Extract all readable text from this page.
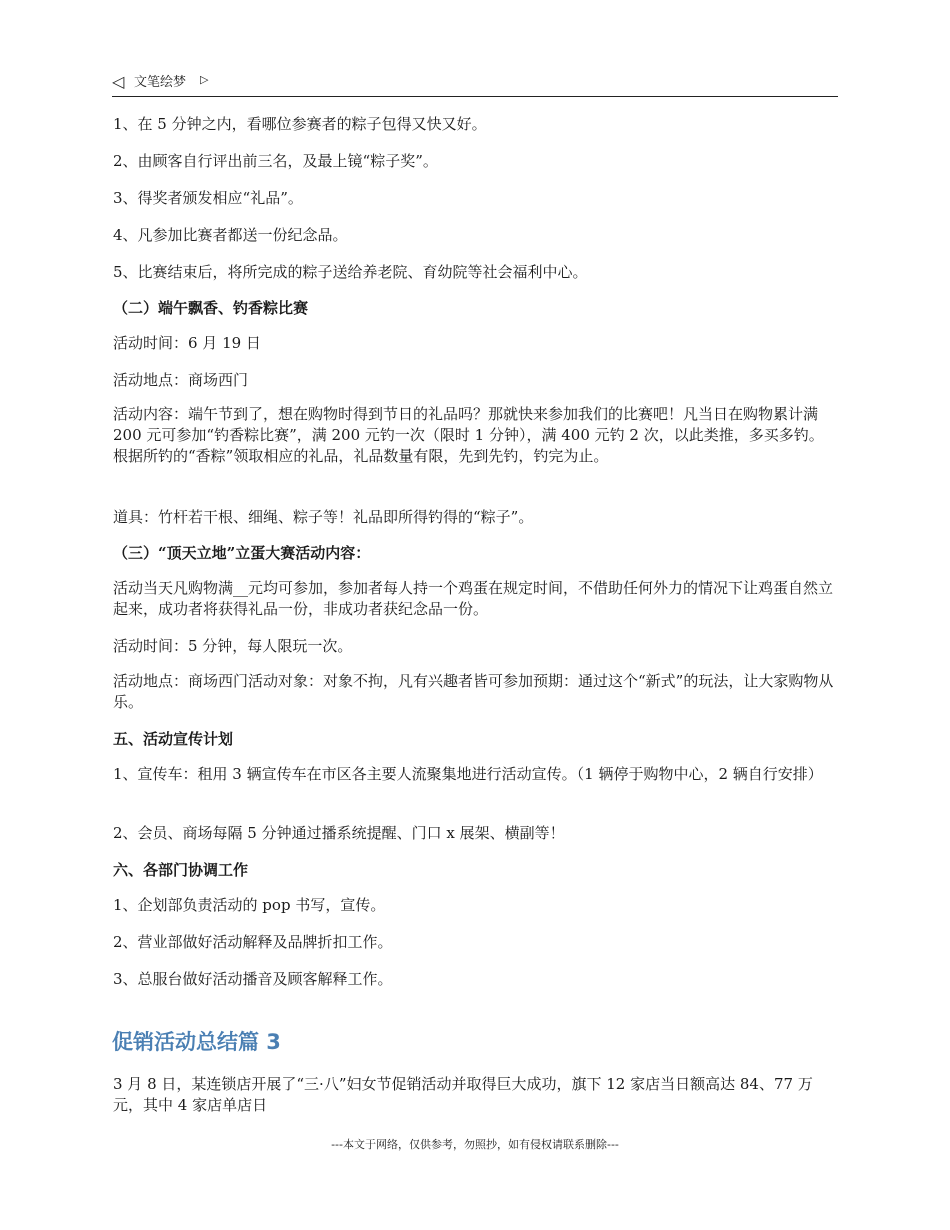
◁ 文笔绘梦 ▷

1、在 5 分钟之内，看哪位参赛者的粽子包得又快又好。

2、由顾客自行评出前三名，及最上镜“粽子奖”。

3、得奖者颁发相应“礼品”。

4、凡参加比赛者都送一份纪念品。

5、比赛结束后，将所完成的粽子送给养老院、育幼院等社会福利中心。

（二）端午飘香、钓香粽比赛

活动时间：6 月 19 日

活动地点：商场西门

活动内容：端午节到了，想在购物时得到节日的礼品吗？那就快来参加我们的比赛吧！凡当日在购物累计满 200 元可参加“钓香粽比赛”，满 200 元钓一次（限时 1 分钟），满 400 元钓 2 次，以此类推，多买多钓。根据所钓的“香粽”领取相应的礼品，礼品数量有限，先到先钓，钓完为止。

道具：竹杆若干根、细绳、粽子等！礼品即所得钓得的“粽子”。

（三）“顶天立地”立蛋大赛活动内容：

活动当天凡购物满__元均可参加，参加者每人持一个鸡蛋在规定时间，不借助任何外力的情况下让鸡蛋自然立起来，成功者将获得礼品一份，非成功者获纪念品一份。

活动时间：5 分钟，每人限玩一次。

活动地点：商场西门活动对象：对象不拘，凡有兴趣者皆可参加预期：通过这个“新式”的玩法，让大家购物从乐。

五、活动宣传计划

1、宣传车：租用 3 辆宣传车在市区各主要人流聚集地进行活动宣传。（1 辆停于购物中心，2 辆自行安排）

2、会员、商场每隔 5 分钟通过播系统提醒、门口 x 展架、横副等！

六、各部门协调工作

1、企划部负责活动的 pop 书写，宣传。

2、营业部做好活动解释及品牌折扣工作。

3、总服台做好活动播音及顾客解释工作。

促销活动总结篇 3

3 月 8 日，某连锁店开展了“三·八”妇女节促销活动并取得巨大成功，旗下 12 家店当日额高达 84、77 万元，其中 4 家店单店日

---本文于网络，仅供参考，勿照抄，如有侵权请联系删除---
